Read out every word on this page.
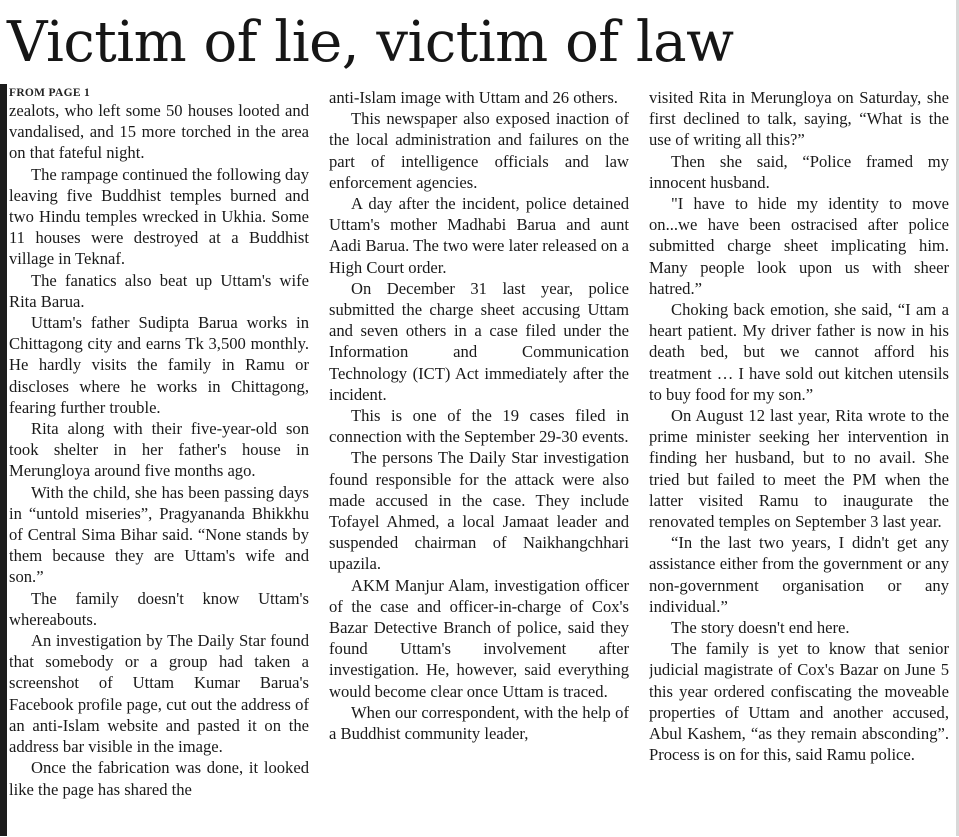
Victim of lie, victim of law
FROM PAGE 1

zealots, who left some 50 houses looted and vandalised, and 15 more torched in the area on that fateful night.

The rampage continued the following day leaving five Buddhist temples burned and two Hindu temples wrecked in Ukhia. Some 11 houses were destroyed at a Buddhist village in Teknaf.

The fanatics also beat up Uttam's wife Rita Barua.

Uttam's father Sudipta Barua works in Chittagong city and earns Tk 3,500 monthly. He hardly visits the family in Ramu or discloses where he works in Chittagong, fearing further trouble.

Rita along with their five-year-old son took shelter in her father's house in Merungloya around five months ago.

With the child, she has been passing days in “untold miseries”, Pragyananda Bhikkhu of Central Sima Bihar said. “None stands by them because they are Uttam's wife and son.”

The family doesn't know Uttam's whereabouts.

An investigation by The Daily Star found that somebody or a group had taken a screenshot of Uttam Kumar Barua's Facebook profile page, cut out the address of an anti-Islam website and pasted it on the address bar visible in the image.

Once the fabrication was done, it looked like the page has shared the

anti-Islam image with Uttam and 26 others.

This newspaper also exposed inaction of the local administration and failures on the part of intelligence officials and law enforcement agencies.

A day after the incident, police detained Uttam's mother Madhabi Barua and aunt Aadi Barua. The two were later released on a High Court order.

On December 31 last year, police submitted the charge sheet accusing Uttam and seven others in a case filed under the Information and Communication Technology (ICT) Act immediately after the incident.

This is one of the 19 cases filed in connection with the September 29-30 events.

The persons The Daily Star investigation found responsible for the attack were also made accused in the case. They include Tofayel Ahmed, a local Jamaat leader and suspended chairman of Naikhangchhari upazila.

AKM Manjur Alam, investigation officer of the case and officer-in-charge of Cox's Bazar Detective Branch of police, said they found Uttam's involvement after investigation. He, however, said everything would become clear once Uttam is traced.

When our correspondent, with the help of a Buddhist community leader,

visited Rita in Merungloya on Saturday, she first declined to talk, saying, “What is the use of writing all this?”

Then she said, “Police framed my innocent husband.

"I have to hide my identity to move on...we have been ostracised after police submitted charge sheet implicating him. Many people look upon us with sheer hatred.”

Choking back emotion, she said, “I am a heart patient. My driver father is now in his death bed, but we cannot afford his treatment … I have sold out kitchen utensils to buy food for my son.”

On August 12 last year, Rita wrote to the prime minister seeking her intervention in finding her husband, but to no avail. She tried but failed to meet the PM when the latter visited Ramu to inaugurate the renovated temples on September 3 last year.

“In the last two years, I didn't get any assistance either from the government or any non-government organisation or any individual.”

The story doesn't end here.

The family is yet to know that senior judicial magistrate of Cox's Bazar on June 5 this year ordered confiscating the moveable properties of Uttam and another accused, Abul Kashem, “as they remain absconding”. Process is on for this, said Ramu police.
